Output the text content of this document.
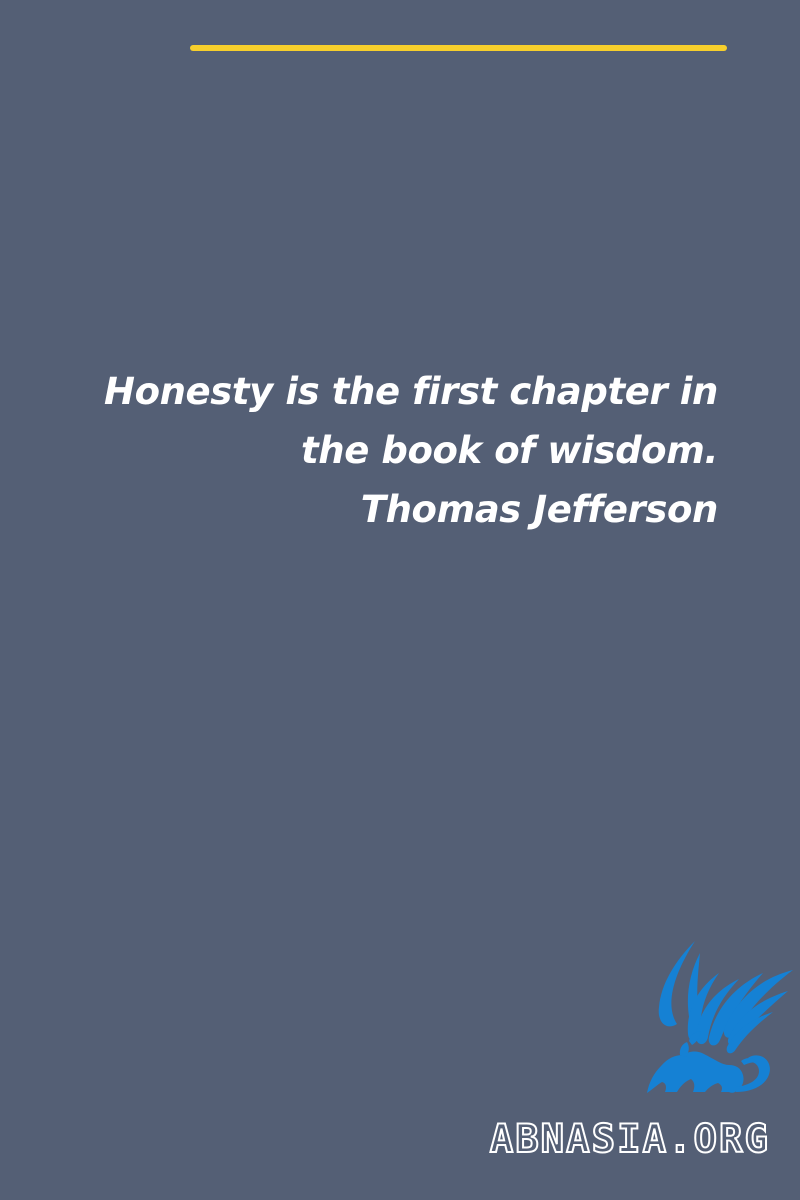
Honesty is the first chapter in
the book of wisdom.
Thomas Jefferson
ABNASIA.ORG
